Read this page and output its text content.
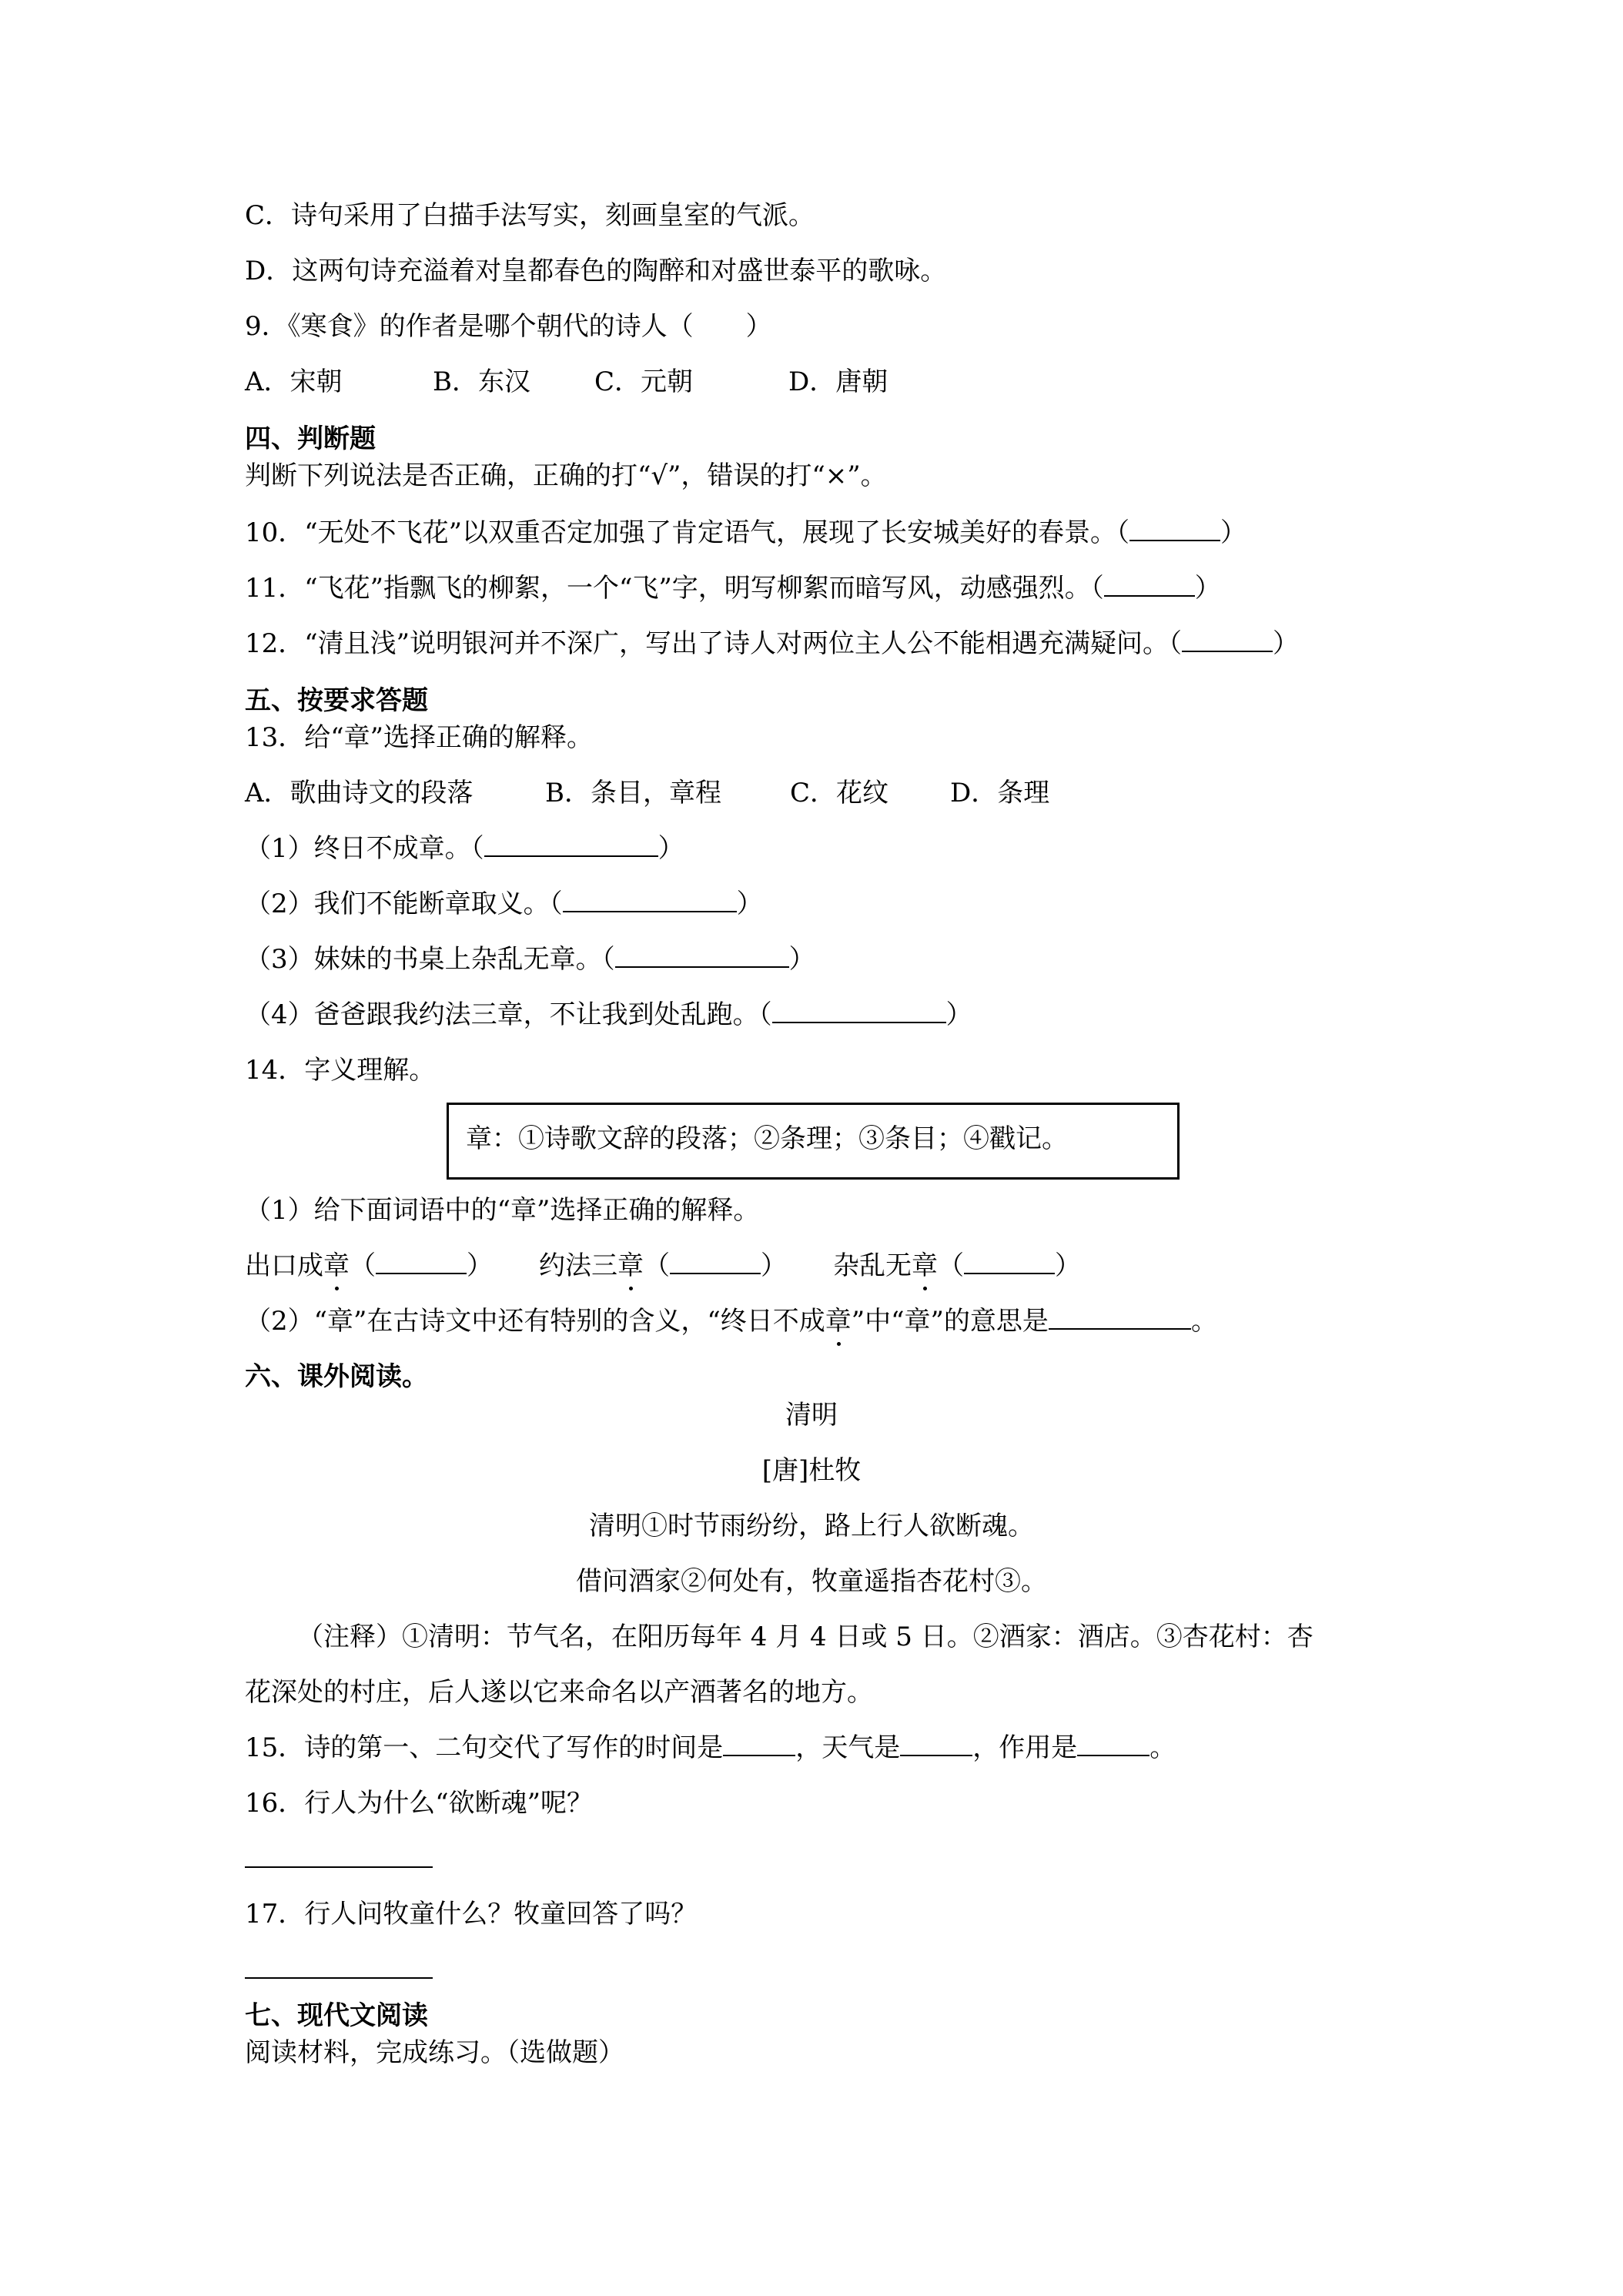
C．诗句采用了白描手法写实，刻画皇室的气派。
D．这两句诗充溢着对皇都春色的陶醉和对盛世泰平的歌咏。
9．《寒食》的作者是哪个朝代的诗人（　　）
A．宋朝	B．东汉 C．元朝	D．唐朝
四、判断题
判断下列说法是否正确，正确的打“√”，错误的打“×”。
10．“无处不飞花”以双重否定加强了肯定语气，展现了长安城美好的春景。（	）
11．“飞花”指飘飞的柳絮，一个“飞”字，明写柳絮而暗写风，动感强烈。（	）
12．“清且浅”说明银河并不深广，写出了诗人对两位主人公不能相遇充满疑问。（	）
五、按要求答题
13．给“章”选择正确的解释。
A．歌曲诗文的段落	B．条目，章程	C．花纹 D．条理
（1）终日不成章。（	）
（2）我们不能断章取义。（	）
（3）妹妹的书桌上杂乱无章。（	）
（4）爸爸跟我约法三章，不让我到处乱跑。（	）
14．字义理解。
章：①诗歌文辞的段落；②条理；③条目；④戳记。
（1）给下面词语中的“章”选择正确的解释。
出口成章（	） 约法三章（	） 杂乱无章（	）
（2）“章”在古诗文中还有特别的含义，“终日不成章”中“章”的意思是	。
六、课外阅读。
清明
[唐]杜牧
清明①时节雨纷纷，路上行人欲断魂。
借问酒家②何处有，牧童遥指杏花村③。
（注释）①清明：节气名，在阳历每年 4 月 4 日或 5 日。②酒家：酒店。③杏花村：杏
花深处的村庄，后人遂以它来命名以产酒著名的地方。
15．诗的第一、二句交代了写作的时间是	，天气是	，作用是	。
16．行人为什么“欲断魂”呢？
17．行人问牧童什么？牧童回答了吗？
七、现代文阅读
阅读材料，完成练习。（选做题）
